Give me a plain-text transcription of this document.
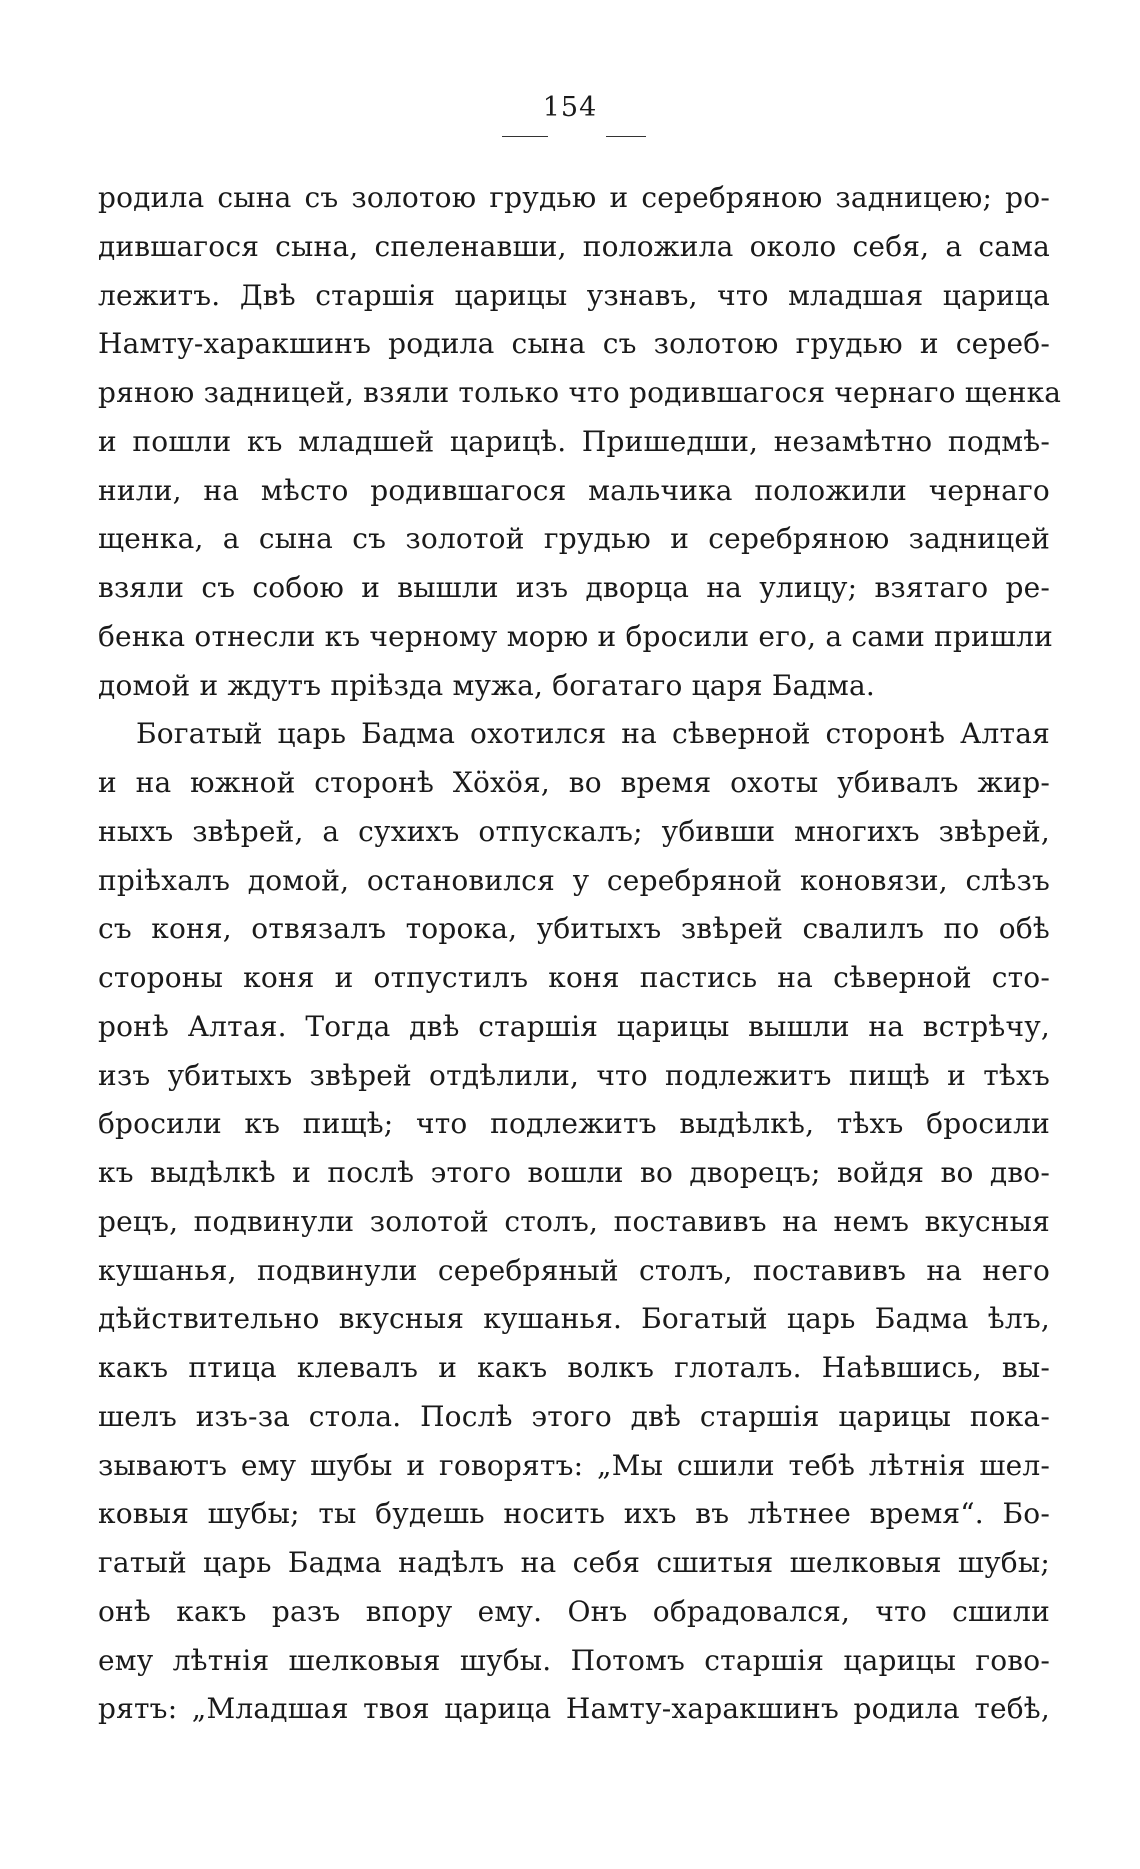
154
родила сына съ золотою грудью и серебряною задницею; ро-
дившагося сына, спеленавши, положила около себя, а сама
лежитъ. Двѣ старшія царицы узнавъ, что младшая царица
Намту-харакшинъ родила сына съ золотою грудью и сереб-
ряною задницей, взяли только что родившагося чернаго щенка
и пошли къ младшей царицѣ. Пришедши, незамѣтно подмѣ-
нили, на мѣсто родившагося мальчика положили чернаго
щенка, а сына съ золотой грудью и серебряною задницей
взяли съ собою и вышли изъ дворца на улицу; взятаго ре-
бенка отнесли къ черному морю и бросили его, а сами пришли
домой и ждутъ пріѣзда мужа, богатаго царя Бадма.
Богатый царь Бадма охотился на сѣверной сторонѣ Алтая
и на южной сторонѣ Хöхöя, во время охоты убивалъ жир-
ныхъ звѣрей, а сухихъ отпускалъ; убивши многихъ звѣрей,
пріѣхалъ домой, остановился у серебряной коновязи, слѣзъ
съ коня, отвязалъ торока, убитыхъ звѣрей свалилъ по обѣ
стороны коня и отпустилъ коня пастись на сѣверной сто-
ронѣ Алтая. Тогда двѣ старшія царицы вышли на встрѣчу,
изъ убитыхъ звѣрей отдѣлили, что подлежитъ пищѣ и тѣхъ
бросили къ пищѣ; что подлежитъ выдѣлкѣ, тѣхъ бросили
къ выдѣлкѣ и послѣ этого вошли во дворецъ; войдя во дво-
рецъ, подвинули золотой столъ, поставивъ на немъ вкусныя
кушанья, подвинули серебряный столъ, поставивъ на него
дѣйствительно вкусныя кушанья. Богатый царь Бадма ѣлъ,
какъ птица клевалъ и какъ волкъ глоталъ. Наѣвшись, вы-
шелъ изъ-за стола. Послѣ этого двѣ старшія царицы пока-
зываютъ ему шубы и говорятъ: „Мы сшили тебѣ лѣтнія шел-
ковыя шубы; ты будешь носить ихъ въ лѣтнее время“. Бо-
гатый царь Бадма надѣлъ на себя сшитыя шелковыя шубы;
онѣ какъ разъ впору ему. Онъ обрадовался, что сшили
ему лѣтнія шелковыя шубы. Потомъ старшія царицы гово-
рятъ: „Младшая твоя царица Намту-харакшинъ родила тебѣ,
